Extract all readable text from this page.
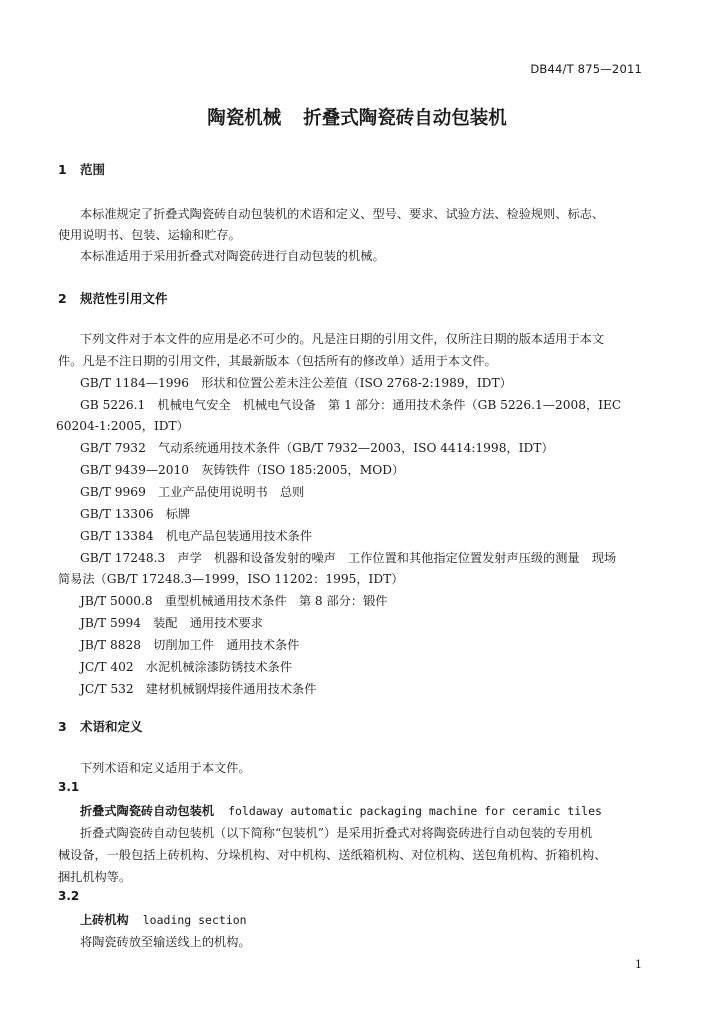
DB44/T 875—2011
陶瓷机械 折叠式陶瓷砖自动包装机
1 范围
本标准规定了折叠式陶瓷砖自动包装机的术语和定义、型号、要求、试验方法、检验规则、标志、
使用说明书、包装、运输和贮存。
本标准适用于采用折叠式对陶瓷砖进行自动包装的机械。
2 规范性引用文件
下列文件对于本文件的应用是必不可少的。凡是注日期的引用文件，仅所注日期的版本适用于本文
件。凡是不注日期的引用文件，其最新版本（包括所有的修改单）适用于本文件。
GB/T 1184—1996　形状和位置公差未注公差值（ISO 2768-2:1989，IDT）
GB 5226.1　机械电气安全　机械电气设备　第 1 部分：通用技术条件（GB 5226.1—2008，IEC
60204-1:2005，IDT）
GB/T 7932　气动系统通用技术条件（GB/T 7932—2003，ISO 4414:1998，IDT）
GB/T 9439—2010　灰铸铁件（ISO 185:2005，MOD）
GB/T 9969　工业产品使用说明书　总则
GB/T 13306　标牌
GB/T 13384　机电产品包装通用技术条件
GB/T 17248.3　声学　机器和设备发射的噪声　工作位置和其他指定位置发射声压级的测量　现场
简易法（GB/T 17248.3—1999，ISO 11202：1995，IDT）
JB/T 5000.8　重型机械通用技术条件　第 8 部分：锻件
JB/T 5994　装配　通用技术要求
JB/T 8828　切削加工件　通用技术条件
JC/T 402　水泥机械涂漆防锈技术条件
JC/T 532　建材机械钢焊接件通用技术条件
3 术语和定义
下列术语和定义适用于本文件。
3.1
折叠式陶瓷砖自动包装机 foldaway automatic packaging machine for ceramic tiles
折叠式陶瓷砖自动包装机（以下简称“包装机”）是采用折叠式对将陶瓷砖进行自动包装的专用机
械设备，一般包括上砖机构、分垛机构、对中机构、送纸箱机构、对位机构、送包角机构、折箱机构、
捆扎机构等。
3.2
上砖机构 loading section
将陶瓷砖放至输送线上的机构。
1
